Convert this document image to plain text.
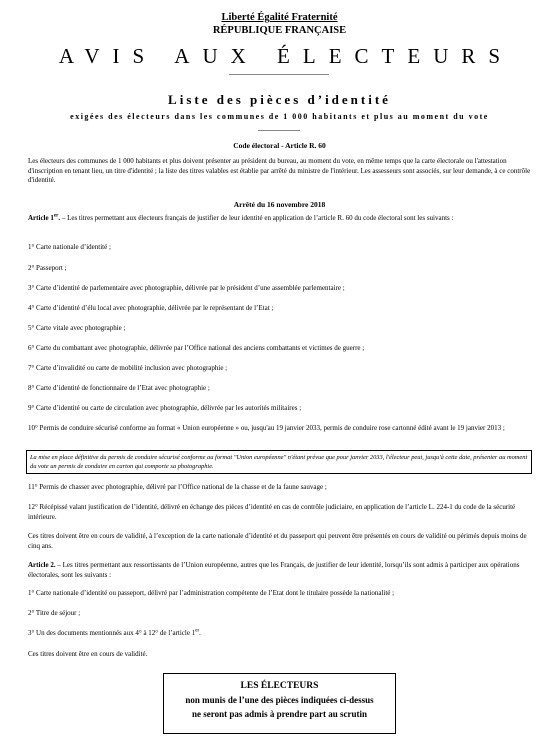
Liberté Égalité Fraternité
RÉPUBLIQUE FRANÇAISE
AVIS AUX ÉLECTEURS
Liste des pièces d’identité
exigées des électeurs dans les communes de 1 000 habitants et plus au moment du vote
Code électoral - Article R. 60
Les électeurs des communes de 1 000 habitants et plus doivent présenter au président du bureau, au moment du vote, en même temps que la carte électorale ou l'attestation d'inscription en tenant lieu, un titre d'identité ; la liste des titres valables est établie par arrêté du ministre de l'intérieur. Les assesseurs sont associés, sur leur demande, à ce contrôle d'identité.
Arrêté du 16 novembre 2018
Article 1er. – Les titres permettant aux électeurs français de justifier de leur identité en application de l’article R. 60 du code électoral sont les suivants :
1° Carte nationale d’identité ;
2° Passeport ;
3° Carte d’identité de parlementaire avec photographie, délivrée par le président d’une assemblée parlementaire ;
4° Carte d’identité d’élu local avec photographie, délivrée par le représentant de l’Etat ;
5° Carte vitale avec photographie ;
6° Carte du combattant avec photographie, délivrée par l’Office national des anciens combattants et victimes de guerre ;
7° Carte d’invalidité ou carte de mobilité inclusion avec photographie ;
8° Carte d’identité de fonctionnaire de l’Etat avec photographie ;
9° Carte d’identité ou carte de circulation avec photographie, délivrée par les autorités militaires ;
10° Permis de conduire sécurisé conforme au format « Union européenne » ou, jusqu'au 19 janvier 2033, permis de conduire rose cartonné édité avant le 19 janvier 2013 ;
La mise en place définitive du permis de conduire sécurisé conforme au format "Union européenne" n'étant prévue que pour janvier 2033, l'électeur peut, jusqu'à cette date, présenter au moment du vote un permis de conduire en carton qui comporte sa photographie.
11° Permis de chasser avec photographie, délivré par l’Office national de la chasse et de la faune sauvage ;
12° Récépissé valant justification de l’identité, délivré en échange des pièces d’identité en cas de contrôle judiciaire, en application de l’article L. 224-1 du code de la sécurité intérieure.
Ces titres doivent être en cours de validité, à l’exception de la carte nationale d’identité et du passeport qui peuvent être présentés en cours de validité ou périmés depuis moins de cinq ans.
Article 2. – Les titres permettant aux ressortissants de l’Union européenne, autres que les Français, de justifier de leur identité, lorsqu’ils sont admis à participer aux opérations électorales, sont les suivants :
1° Carte nationale d’identité ou passeport, délivré par l’administration compétente de l’Etat dont le titulaire possède la nationalité ;
2° Titre de séjour ;
3° Un des documents mentionnés aux 4° à 12° de l’article 1er.
Ces titres doivent être en cours de validité.
LES ÉLECTEURS
non munis de l’une des pièces indiquées ci-dessus
ne seront pas admis à prendre part au scrutin
